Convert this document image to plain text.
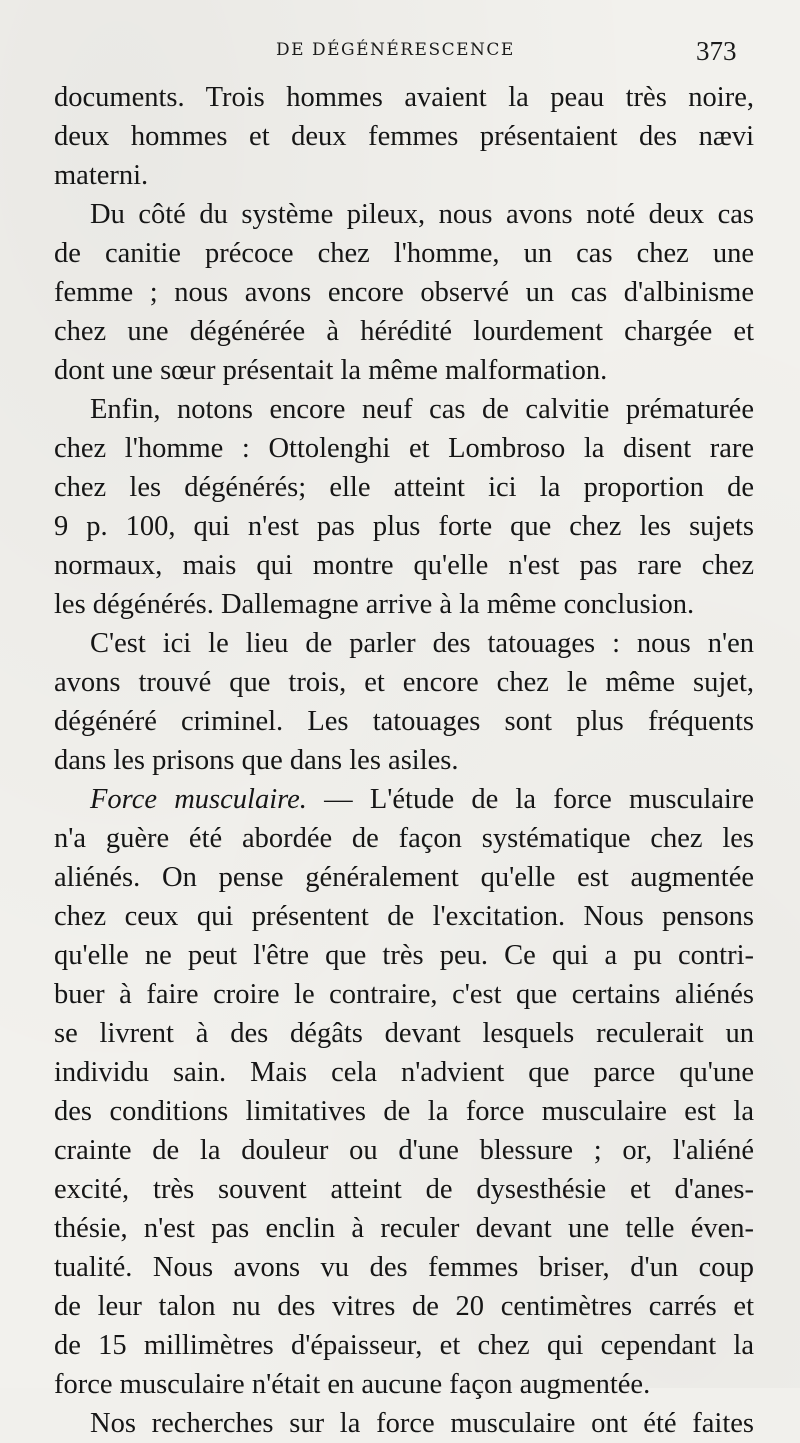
DE DÉGÉNÉRESCENCE	373
documents. Trois hommes avaient la peau très noire,
deux hommes et deux femmes présentaient des nævi
materni.
Du côté du système pileux, nous avons noté deux cas
de canitie précoce chez l'homme, un cas chez une
femme ; nous avons encore observé un cas d'albinisme
chez une dégénérée à hérédité lourdement chargée et
dont une sœur présentait la même malformation.
Enfin, notons encore neuf cas de calvitie prématurée
chez l'homme : Ottolenghi et Lombroso la disent rare
chez les dégénérés; elle atteint ici la proportion de
9 p. 100, qui n'est pas plus forte que chez les sujets
normaux, mais qui montre qu'elle n'est pas rare chez
les dégénérés. Dallemagne arrive à la même conclusion.
C'est ici le lieu de parler des tatouages : nous n'en
avons trouvé que trois, et encore chez le même sujet,
dégénéré criminel. Les tatouages sont plus fréquents
dans les prisons que dans les asiles.
Force musculaire. — L'étude de la force musculaire
n'a guère été abordée de façon systématique chez les
aliénés. On pense généralement qu'elle est augmentée
chez ceux qui présentent de l'excitation. Nous pensons
qu'elle ne peut l'être que très peu. Ce qui a pu contri-
buer à faire croire le contraire, c'est que certains aliénés
se livrent à des dégâts devant lesquels reculerait un
individu sain. Mais cela n'advient que parce qu'une
des conditions limitatives de la force musculaire est la
crainte de la douleur ou d'une blessure ; or, l'aliéné
excité, très souvent atteint de dysesthésie et d'anes-
thésie, n'est pas enclin à reculer devant une telle éven-
tualité. Nous avons vu des femmes briser, d'un coup
de leur talon nu des vitres de 20 centimètres carrés et
de 15 millimètres d'épaisseur, et chez qui cependant la
force musculaire n'était en aucune façon augmentée.
Nos recherches sur la force musculaire ont été faites
